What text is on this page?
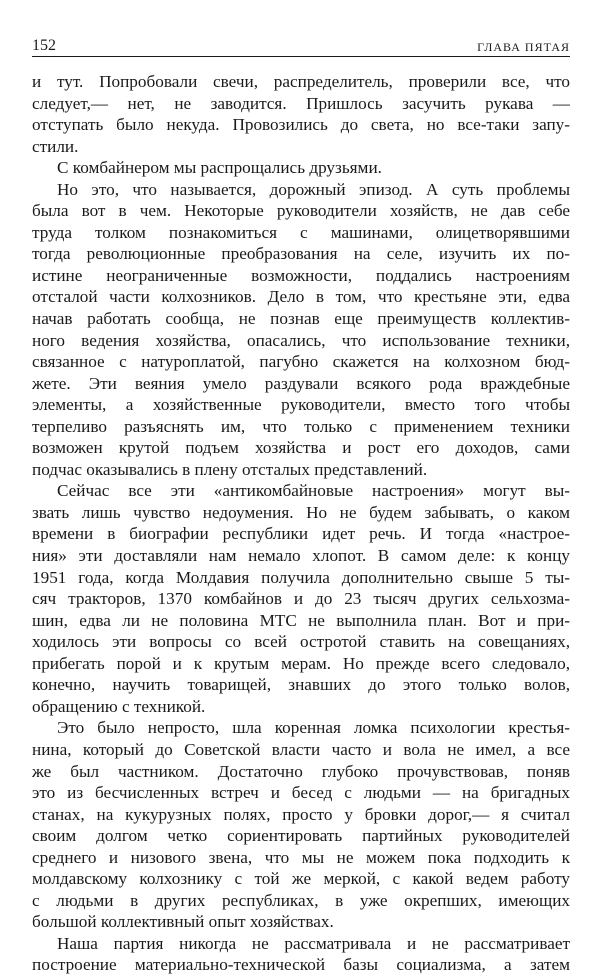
152	ГЛАВА ПЯТАЯ
и тут. Попробовали свечи, распределитель, проверили все, что
следует,— нет, не заводится. Пришлось засучить рукава —
отступать было некуда. Провозились до света, но все-таки запу-
стили.
С комбайнером мы распрощались друзьями.
Но это, что называется, дорожный эпизод. А суть проблемы
была вот в чем. Некоторые руководители хозяйств, не дав себе
труда толком познакомиться с машинами, олицетворявшими
тогда революционные преобразования на селе, изучить их по-
истине неограниченные возможности, поддались настроениям
отсталой части колхозников. Дело в том, что крестьяне эти, едва
начав работать сообща, не познав еще преимуществ коллектив-
ного ведения хозяйства, опасались, что использование техники,
связанное с натуроплатой, пагубно скажется на колхозном бюд-
жете. Эти веяния умело раздували всякого рода враждебные
элементы, а хозяйственные руководители, вместо того чтобы
терпеливо разъяснять им, что только с применением техники
возможен крутой подъем хозяйства и рост его доходов, сами
подчас оказывались в плену отсталых представлений.
Сейчас все эти «антикомбайновые настроения» могут вы-
звать лишь чувство недоумения. Но не будем забывать, о каком
времени в биографии республики идет речь. И тогда «настрое-
ния» эти доставляли нам немало хлопот. В самом деле: к концу
1951 года, когда Молдавия получила дополнительно свыше 5 ты-
сяч тракторов, 1370 комбайнов и до 23 тысяч других сельхозма-
шин, едва ли не половина МТС не выполнила план. Вот и при-
ходилось эти вопросы со всей остротой ставить на совещаниях,
прибегать порой и к крутым мерам. Но прежде всего следовало,
конечно, научить товарищей, знавших до этого только волов,
обращению с техникой.
Это было непросто, шла коренная ломка психологии крестья-
нина, который до Советской власти часто и вола не имел, а все
же был частником. Достаточно глубоко прочувствовав, поняв
это из бесчисленных встреч и бесед с людьми — на бригадных
станах, на кукурузных полях, просто у бровки дорог,— я считал
своим долгом четко сориентировать партийных руководителей
среднего и низового звена, что мы не можем пока подходить к
молдавскому колхознику с той же меркой, с какой ведем работу
с людьми в других республиках, в уже окрепших, имеющих
большой коллективный опыт хозяйствах.
Наша партия никогда не рассматривала и не рассматривает
построение материально-технической базы социализма, а затем
